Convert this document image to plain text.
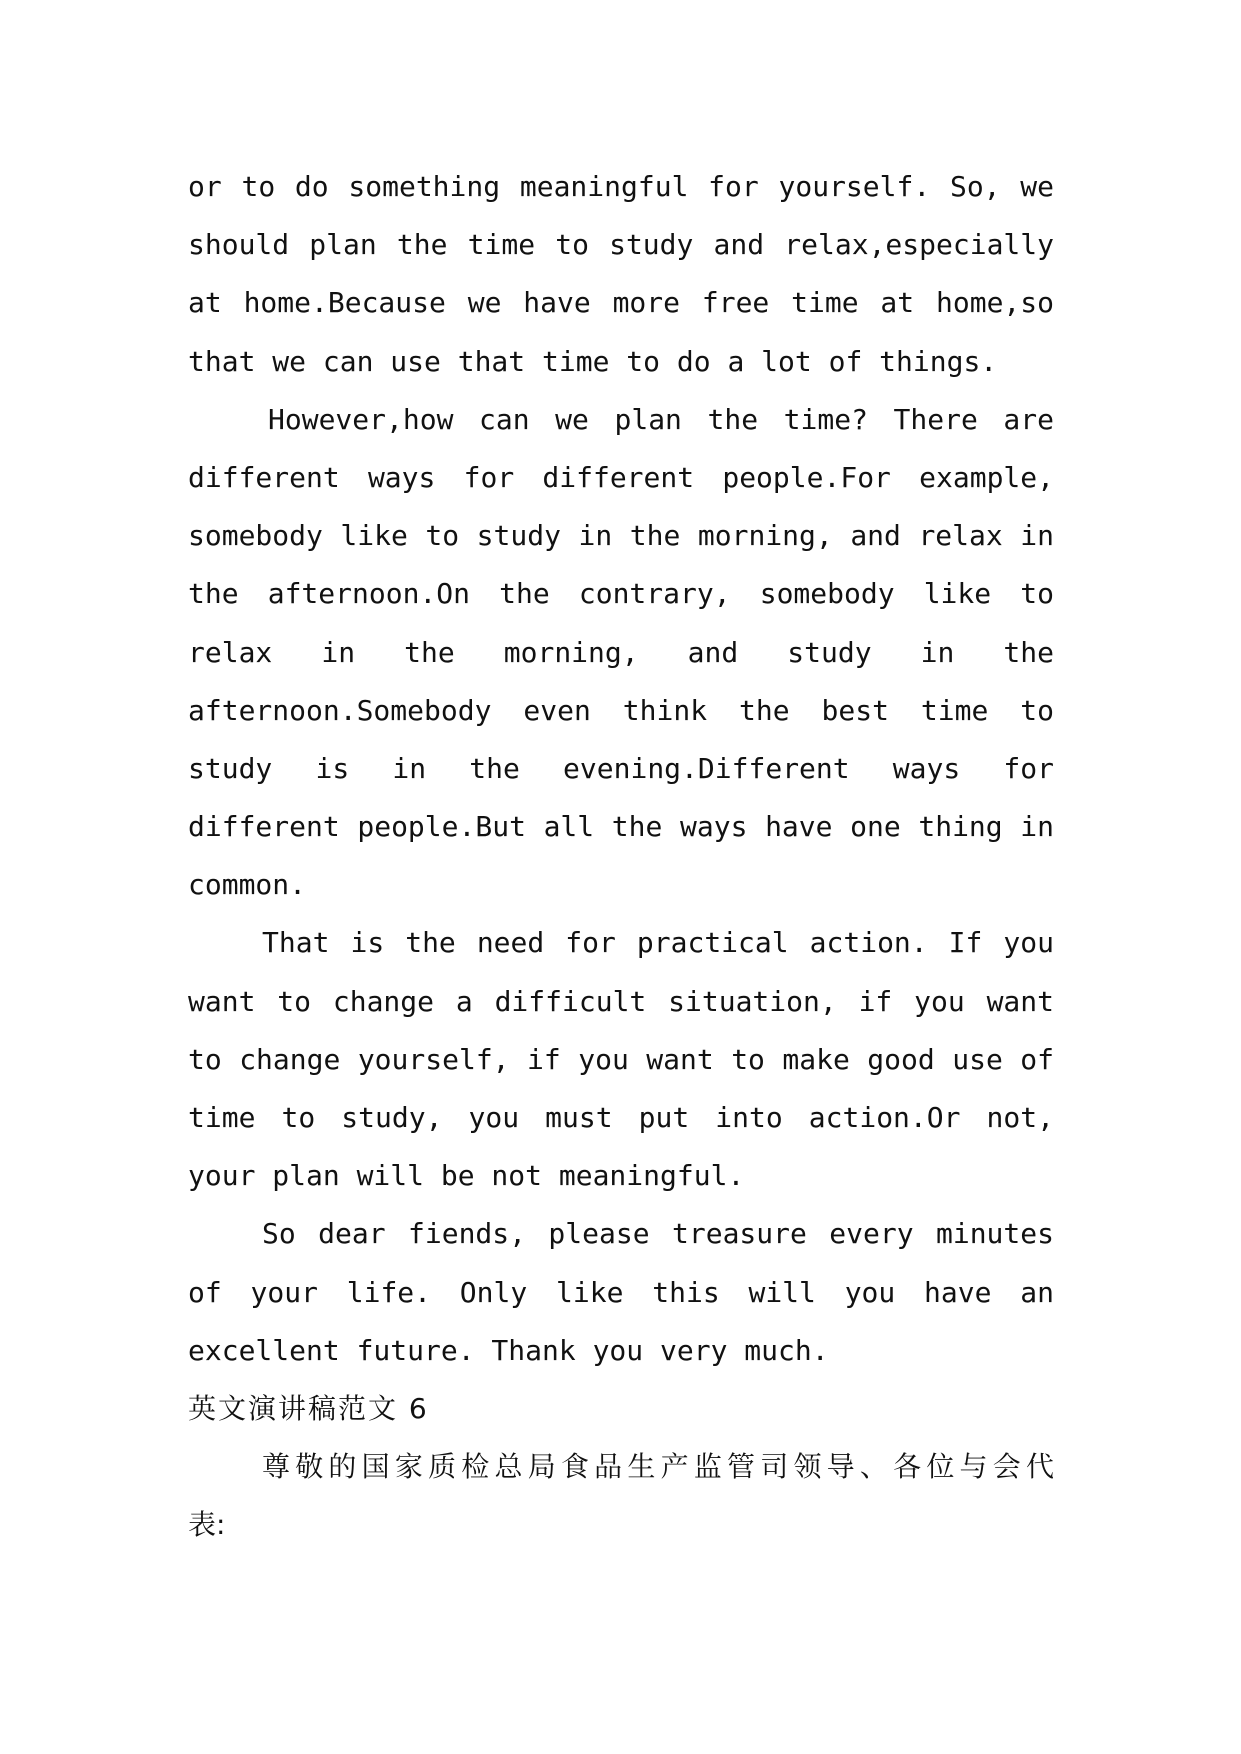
or to do something meaningful for yourself. So, we
should plan the time to study and relax,especially
at home.Because we have more free time at home,so
that we can use that time to do a lot of things.
However,how can we plan the time? There are
different ways for different people.For example,
somebody like to study in the morning, and relax in
the afternoon.On the contrary, somebody like to
relax in the morning, and study in the
afternoon.Somebody even think the best time to
study is in the evening.Different ways for
different people.But all the ways have one thing in
common.
That is the need for practical action. If you
want to change a difficult situation, if you want
to change yourself, if you want to make good use of
time to study, you must put into action.Or not,
your plan will be not meaningful.
So dear fiends, please treasure every minutes
of your life. Only like this will you have an
excellent future. Thank you very much.
英文演讲稿范文 6
尊敬的国家质检总局食品生产监管司领导、各位与会代
表:
